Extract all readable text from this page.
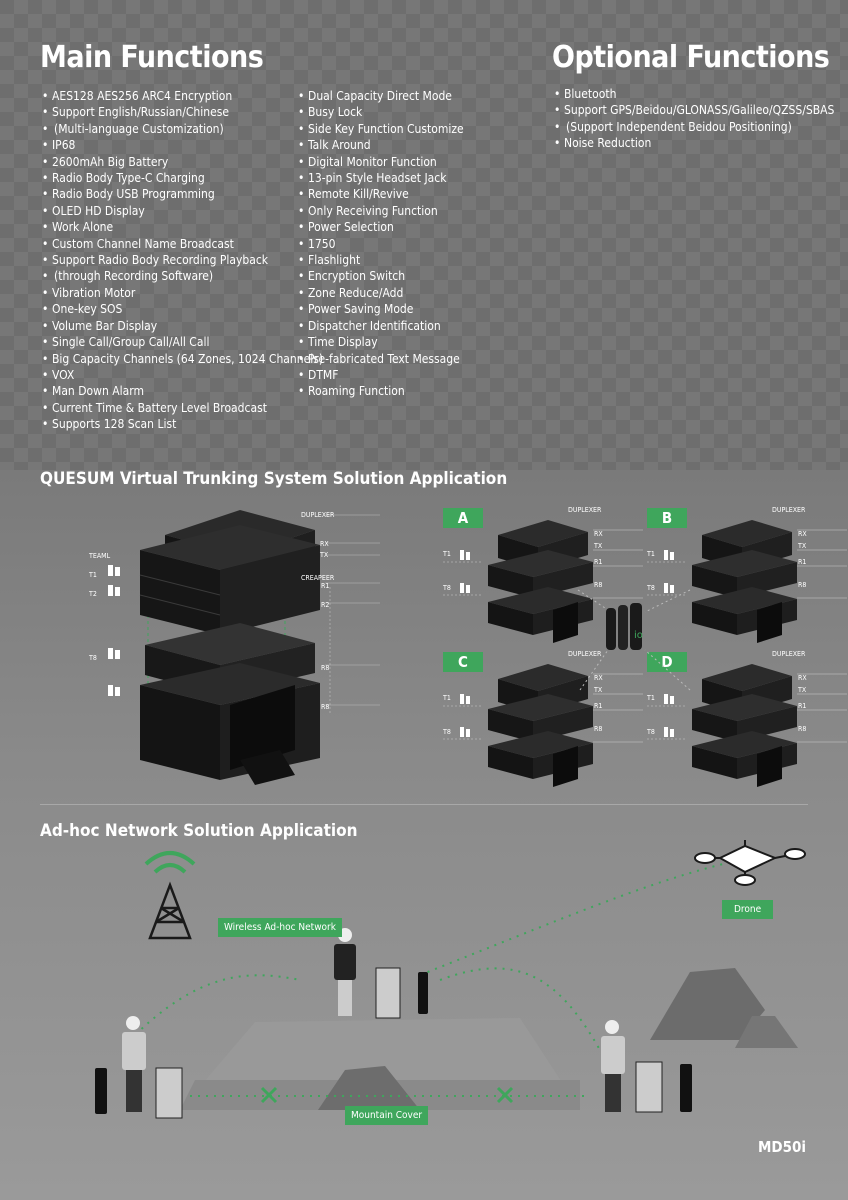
Main Functions	Optional Functions
• AES128 AES256 ARC4 Encryption
• Support English/Russian/Chinese
• (Multi-language Customization)
• IP68
• 2600mAh Big Battery
• Radio Body Type-C Charging
• Radio Body USB Programming
• OLED HD Display
• Work Alone
• Custom Channel Name Broadcast
• Support Radio Body Recording Playback
• (through Recording Software)
• Vibration Motor
• One-key SOS
• Volume Bar Display
• Single Call/Group Call/All Call
• Big Capacity Channels (64 Zones, 1024 Channels)
• VOX
• Man Down Alarm
• Current Time & Battery Level Broadcast
• Supports 128 Scan List
• Dual Capacity Direct Mode
• Busy Lock
• Side Key Function Customize
• Talk Around
• Digital Monitor Function
• 13-pin Style Headset Jack
• Remote Kill/Revive
• Only Receiving Function
• Power Selection
• 1750
• Flashlight
• Encryption Switch
• Zone Reduce/Add
• Power Saving Mode
• Dispatcher Identification
• Time Display
• Pre-fabricated Text Message
• DTMF
• Roaming Function
• Bluetooth
• Support GPS/Beidou/GLONASS/Galileo/QZSS/SBAS
• (Support Independent Beidou Positioning)
• Noise Reduction
QUESUM Virtual Trunking System Solution Application
DUPLEXER
RX
TX
CREAPEER
R1
R2
R8
R8
TEAML
T1
T2
T8
A	DUPLEXER
RX
TX
R1
R8
T1
T8
B	DUPLEXER
RX
TX
R1
R8
T1
T8
C	DUPLEXER
RX
TX
R1
R8
T1
T8
D	DUPLEXER
RX
TX
R1
R8
T1
T8
io
Ad-hoc Network Solution Application
Wireless Ad-hoc Network
Drone
Mountain Cover
MD50i
